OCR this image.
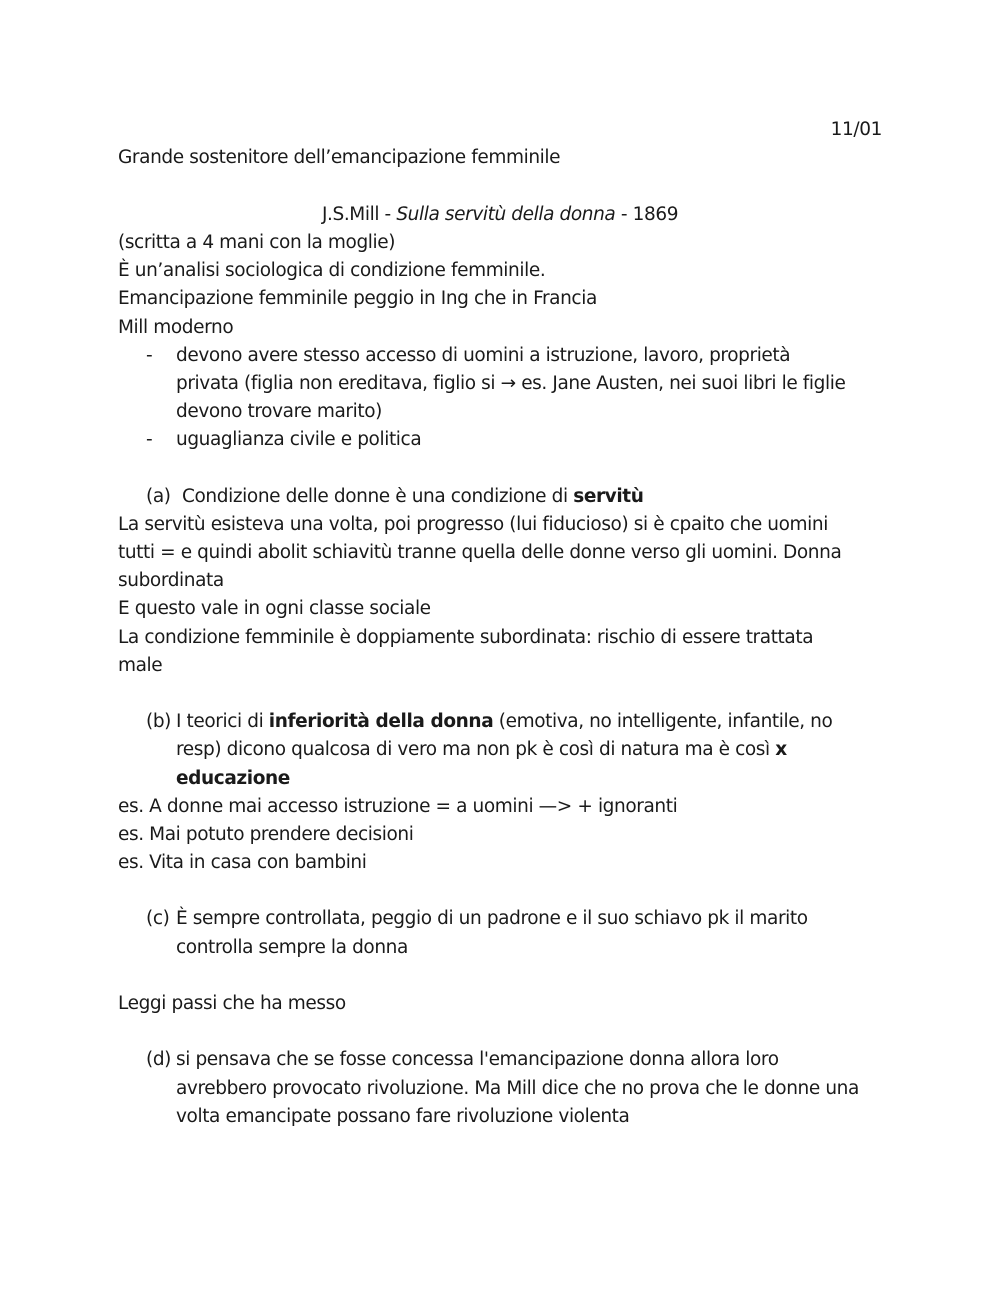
11/01
Grande sostenitore dell’emancipazione femminile
J.S.Mill - Sulla servitù della donna - 1869
(scritta a 4 mani con la moglie)
È un’analisi sociologica di condizione femminile.
Emancipazione femminile peggio in Ing che in Francia
Mill moderno
- devono avere stesso accesso di uomini a istruzione, lavoro, proprietà
privata (figlia non ereditava, figlio si → es. Jane Austen, nei suoi libri le figlie
devono trovare marito)
- uguaglianza civile e politica
(a) Condizione delle donne è una condizione di servitù
La servitù esisteva una volta, poi progresso (lui fiducioso) si è cpaito che uomini
tutti = e quindi abolit schiavitù tranne quella delle donne verso gli uomini. Donna
subordinata
E questo vale in ogni classe sociale
La condizione femminile è doppiamente subordinata: rischio di essere trattata
male
(b) I teorici di inferiorità della donna (emotiva, no intelligente, infantile, no
resp) dicono qualcosa di vero ma non pk è così di natura ma è così x
educazione
es. A donne mai accesso istruzione = a uomini —> + ignoranti
es. Mai potuto prendere decisioni
es. Vita in casa con bambini
(c) È sempre controllata, peggio di un padrone e il suo schiavo pk il marito
controlla sempre la donna
Leggi passi che ha messo
(d) si pensava che se fosse concessa l'emancipazione donna allora loro
avrebbero provocato rivoluzione. Ma Mill dice che no prova che le donne una
volta emancipate possano fare rivoluzione violenta
